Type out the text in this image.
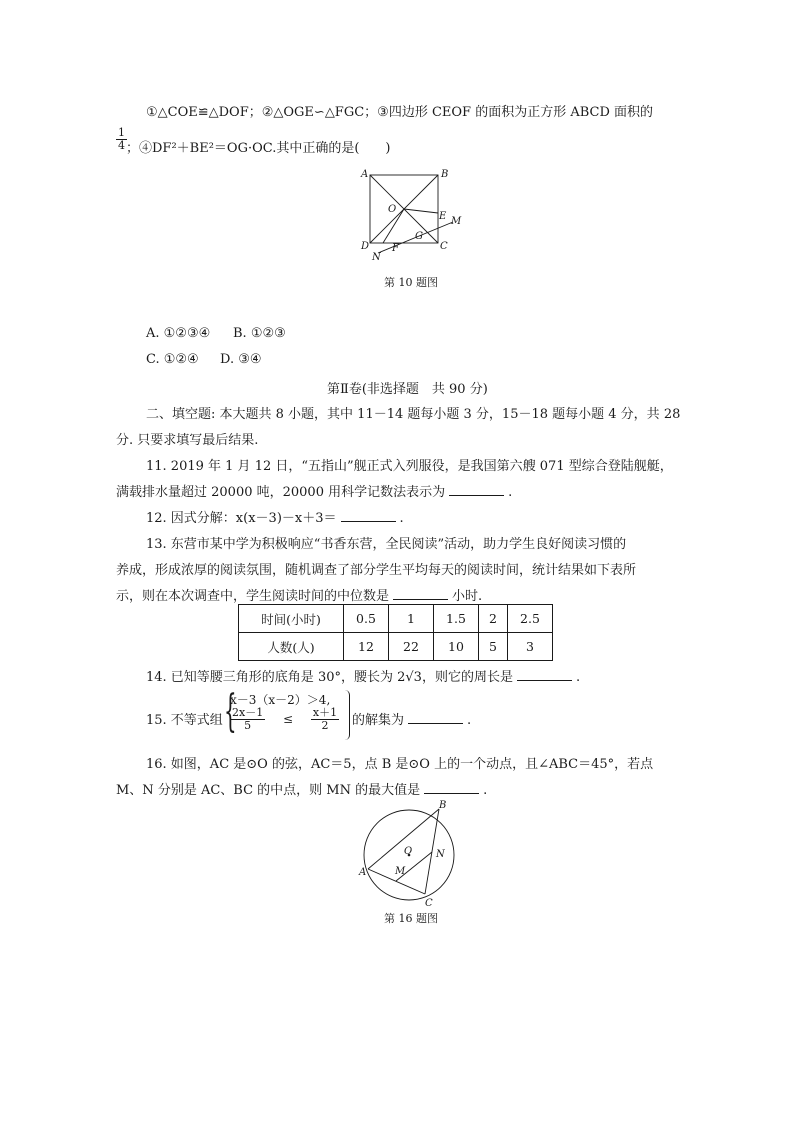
①△COE≌△DOF；②△OGE∽△FGC；③四边形 CEOF 的面积为正方形 ABCD 面积的
$\frac{1}{4}$ ；④DF²＋BE²＝OG·OC.其中正确的是(　　)
A	B
C
D
O
E M
G
F
N
第 10 题图
A. ①②③④ B. ①②③
C. ①②④ D. ③④
第Ⅱ卷(非选择题　共 90 分)
二、填空题: 本大题共 8 小题，其中 11－14 题每小题 3 分，15－18 题每小题 4 分，共 28
分. 只要求填写最后结果.
11. 2019 年 1 月 12 日，“五指山”舰正式入列服役，是我国第六艘 071 型综合登陆舰艇，
满载排水量超过 20000 吨，20000 用科学记数法表示为	.
12. 因式分解：x(x－3)－x＋3＝	.
13. 东营市某中学为积极响应“书香东营，全民阅读”活动，助力学生良好阅读习惯的
养成，形成浓厚的阅读氛围，随机调查了部分学生平均每天的阅读时间，统计结果如下表所
示，则在本次调查中，学生阅读时间的中位数是	小时.
时间(小时)	0.5	1	1.5	2	2.5
人数(人)	12	22	10	5	3
14. 已知等腰三角形的底角是 30°，腰长为 2√3，则它的周长是	.
15. 不等式组 {
x－3（x－2）＞4,
$\frac{2x-1}{5} \le \frac{x+1}{2}$ 的解集为	.
16. 如图，AC 是⊙O 的弦，AC＝5，点 B 是⊙O 上的一个动点，且∠ABC＝45°，若点
M、N 分别是 AC、BC 的中点，则 MN 的最大值是	.
A
B
C
O
M
N
第 16 题图
